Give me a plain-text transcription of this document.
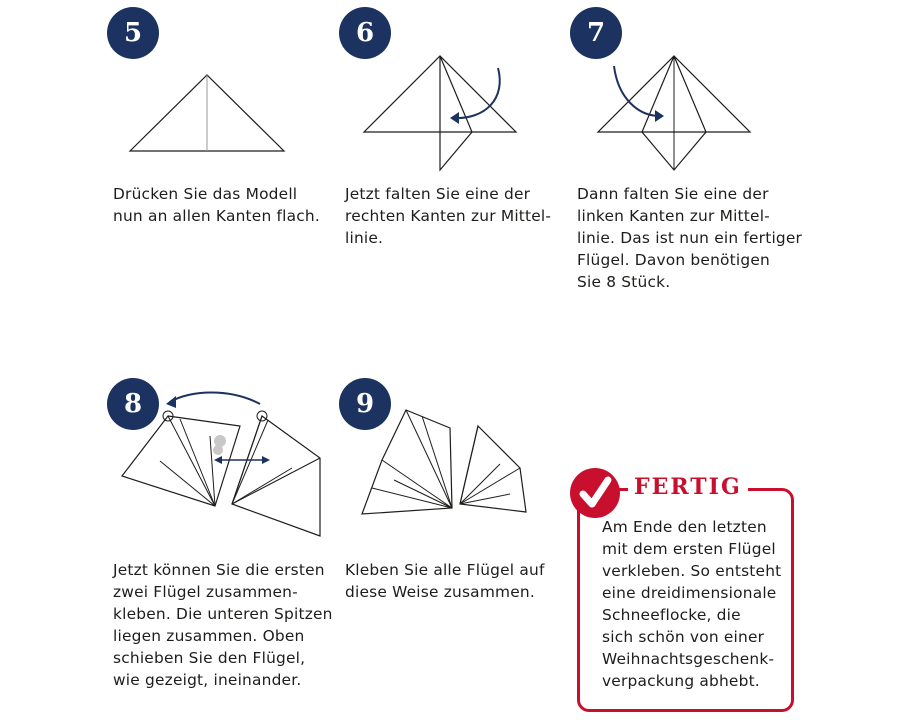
5
Drücken Sie das Modell
nun an allen Kanten flach.
6
Jetzt falten Sie eine der
rechten Kanten zur Mittel-
linie.
7
Dann falten Sie eine der
linken Kanten zur Mittel-
linie. Das ist nun ein fertiger
Flügel. Davon benötigen
Sie 8 Stück.
8
Jetzt können Sie die ersten
zwei Flügel zusammen-
kleben. Die unteren Spitzen
liegen zusammen. Oben
schieben Sie den Flügel,
wie gezeigt, ineinander.
9
Kleben Sie alle Flügel auf
diese Weise zusammen.
FERTIG
Am Ende den letzten
mit dem ersten Flügel
verkleben. So entsteht
eine dreidimensionale
Schneeflocke, die
sich schön von einer
Weihnachtsgeschenk-
verpackung abhebt.
